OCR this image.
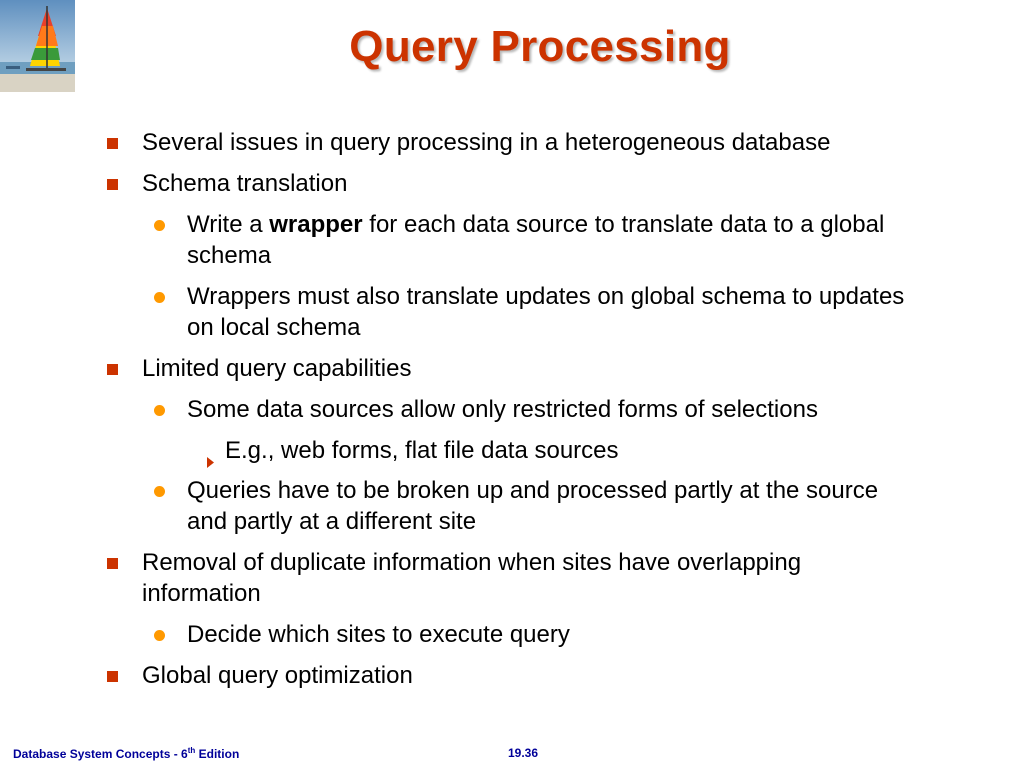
Query Processing
Several issues in query processing in a heterogeneous database
Schema translation
Write a wrapper for each data source to translate data to a global schema
Wrappers must also translate updates on global schema to updates on local schema
Limited query capabilities
Some data sources allow only restricted forms of selections
E.g., web forms, flat file data sources
Queries have to be broken up and processed partly at the source and partly at a different site
Removal of duplicate information when sites have overlapping information
Decide which sites to execute query
Global query optimization
Database System Concepts - 6th Edition	19.36
